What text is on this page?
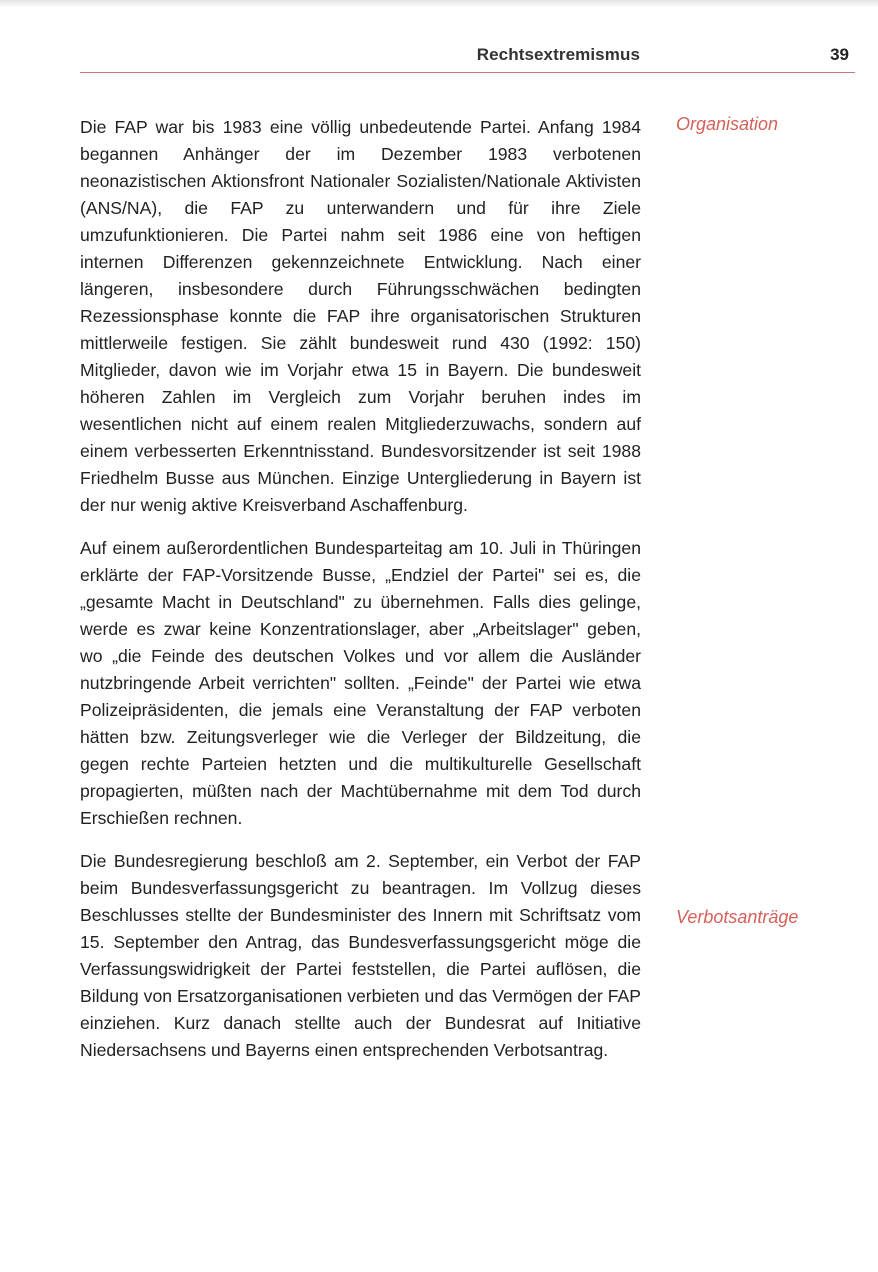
Rechtsextremismus	39
Organisation
Verbotsanträge

Die FAP war bis 1983 eine völlig unbedeutende Partei. Anfang 1984 begannen Anhänger der im Dezember 1983 verbotenen neonazistischen Aktionsfront Nationaler Sozialisten/Nationale Aktivisten (ANS/NA), die FAP zu unterwandern und für ihre Ziele umzufunktionieren. Die Partei nahm seit 1986 eine von heftigen internen Differenzen gekennzeichnete Entwicklung. Nach einer längeren, insbesondere durch Führungsschwächen bedingten Rezessionsphase konnte die FAP ihre organisatorischen Strukturen mittlerweile festigen. Sie zählt bundesweit rund 430 (1992: 150) Mitglieder, davon wie im Vorjahr etwa 15 in Bayern. Die bundesweit höheren Zahlen im Vergleich zum Vorjahr beruhen indes im wesentlichen nicht auf einem realen Mitgliederzuwachs, sondern auf einem verbesserten Erkenntnisstand. Bundesvorsitzender ist seit 1988 Friedhelm Busse aus München. Einzige Untergliederung in Bayern ist der nur wenig aktive Kreisverband Aschaffenburg.

Auf einem außerordentlichen Bundesparteitag am 10. Juli in Thüringen erklärte der FAP-Vorsitzende Busse, „Endziel der Partei" sei es, die „gesamte Macht in Deutschland" zu übernehmen. Falls dies gelinge, werde es zwar keine Konzentrationslager, aber „Arbeitslager" geben, wo „die Feinde des deutschen Volkes und vor allem die Ausländer nutzbringende Arbeit verrichten" sollten. „Feinde" der Partei wie etwa Polizeipräsidenten, die jemals eine Veranstaltung der FAP verboten hätten bzw. Zeitungsverleger wie die Verleger der Bildzeitung, die gegen rechte Parteien hetzten und die multikulturelle Gesellschaft propagierten, müßten nach der Machtübernahme mit dem Tod durch Erschießen rechnen.

Die Bundesregierung beschloß am 2. September, ein Verbot der FAP beim Bundesverfassungsgericht zu beantragen. Im Vollzug dieses Beschlusses stellte der Bundesminister des Innern mit Schriftsatz vom 15. September den Antrag, das Bundesverfassungsgericht möge die Verfassungswidrigkeit der Partei feststellen, die Partei auflösen, die Bildung von Ersatzorganisationen verbieten und das Vermögen der FAP einziehen. Kurz danach stellte auch der Bundesrat auf Initiative Niedersachsens und Bayerns einen entsprechenden Verbotsantrag.
